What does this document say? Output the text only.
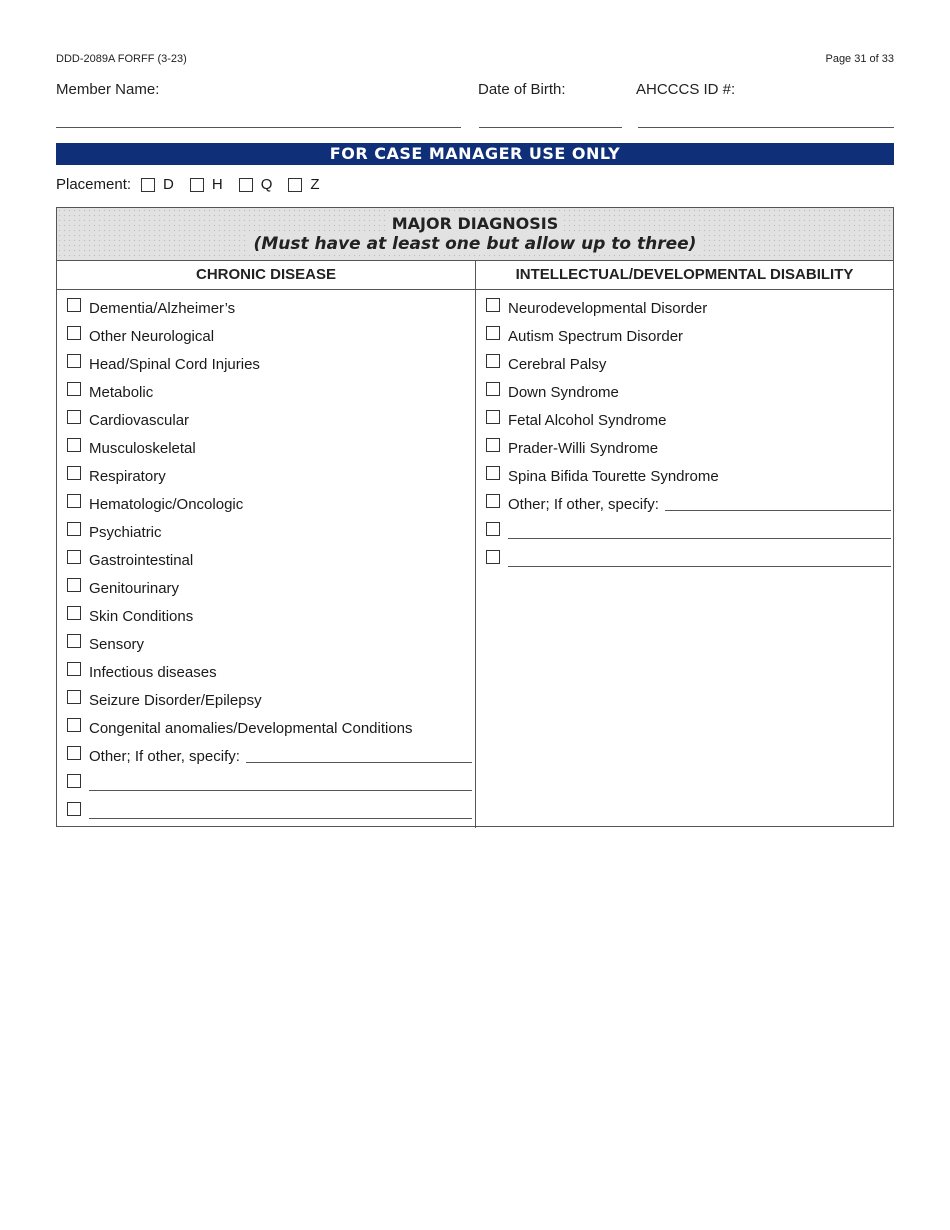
DDD-2089A FORFF (3-23)	Page 31 of 33
Member Name:	Date of Birth:	AHCCCS ID #:
FOR CASE MANAGER USE ONLY
Placement: D	H	Q	Z
MAJOR DIAGNOSIS
(Must have at least one but allow up to three)
CHRONIC DISEASE	INTELLECTUAL/DEVELOPMENTAL DISABILITY
Dementia/Alzheimer’s
Other Neurological
Head/Spinal Cord Injuries
Metabolic
Cardiovascular
Musculoskeletal
Respiratory
Hematologic/Oncologic
Psychiatric
Gastrointestinal
Genitourinary
Skin Conditions
Sensory
Infectious diseases
Seizure Disorder/Epilepsy
Congenital anomalies/Developmental Conditions
Other; If other, specify:
Neurodevelopmental Disorder
Autism Spectrum Disorder
Cerebral Palsy
Down Syndrome
Fetal Alcohol Syndrome
Prader-Willi Syndrome
Spina Bifida Tourette Syndrome
Other; If other, specify:
